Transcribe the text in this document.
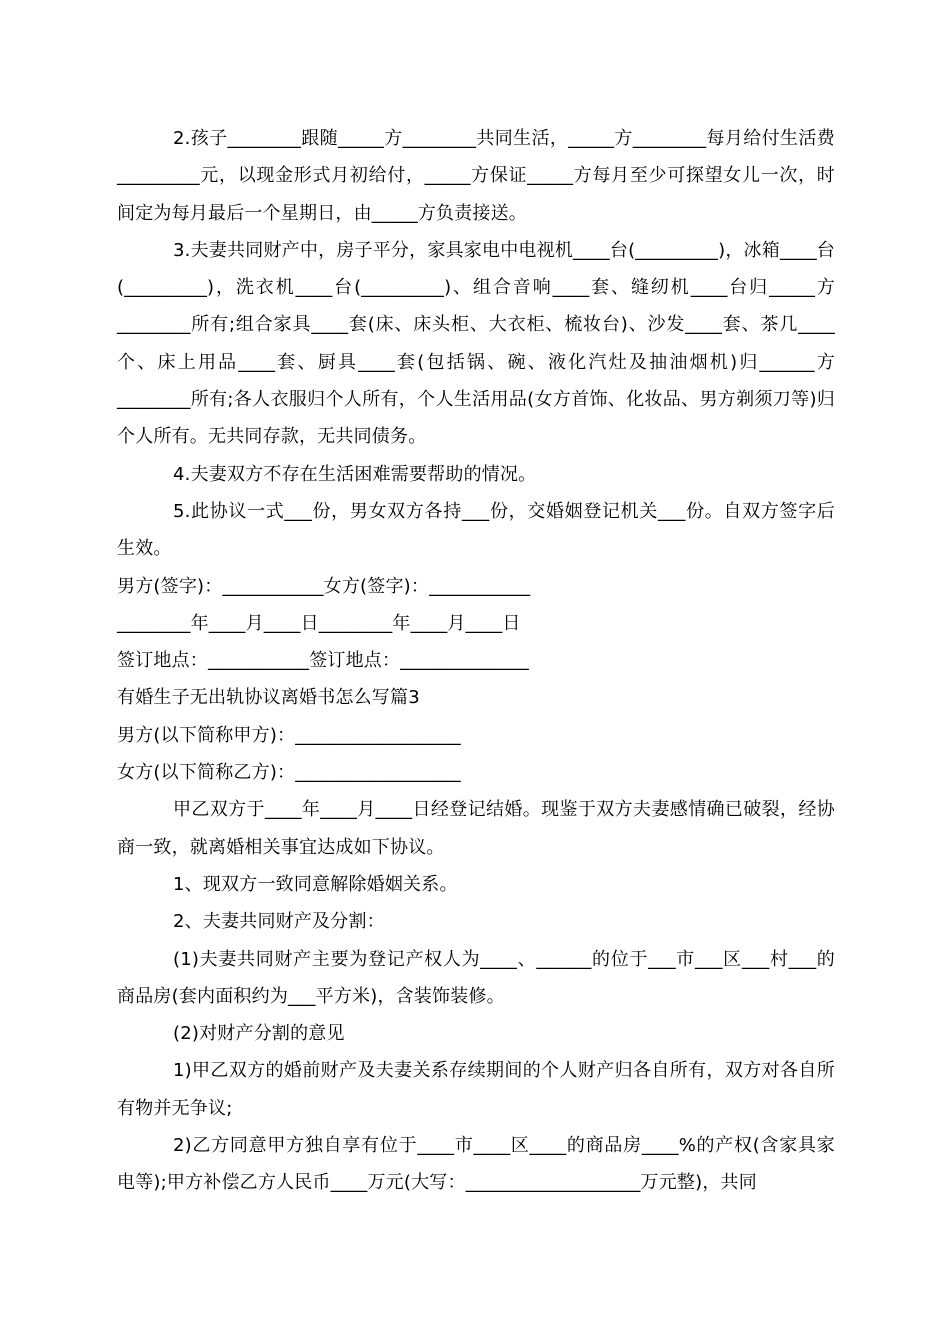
2.孩子________跟随_____方________共同生活，_____方________每月给付生活费_________元，以现金形式月初给付，_____方保证_____方每月至少可探望女儿一次，时间定为每月最后一个星期日，由_____方负责接送。

3.夫妻共同财产中，房子平分，家具家电中电视机____台(_________)，冰箱____台(_________)，洗衣机____台(_________)、组合音响____套、缝纫机____台归_____方________所有;组合家具____套(床、床头柜、大衣柜、梳妆台)、沙发____套、茶几____个、床上用品____套、厨具____套(包括锅、碗、液化汽灶及抽油烟机)归______方________所有;各人衣服归个人所有，个人生活用品(女方首饰、化妆品、男方剃须刀等)归个人所有。无共同存款，无共同债务。

4.夫妻双方不存在生活困难需要帮助的情况。

5.此协议一式___份，男女双方各持___份，交婚姻登记机关___份。自双方签字后生效。

男方(签字)：___________女方(签字)：___________

________年____月____日________年____月____日

签订地点：___________签订地点：______________

有婚生子无出轨协议离婚书怎么写篇3

男方(以下简称甲方)：__________________

女方(以下简称乙方)：__________________

甲乙双方于____年____月____日经登记结婚。现鉴于双方夫妻感情确已破裂，经协商一致，就离婚相关事宜达成如下协议。

1、现双方一致同意解除婚姻关系。

2、夫妻共同财产及分割：

(1)夫妻共同财产主要为登记产权人为____、______的位于___市___区___村___的商品房(套内面积约为___平方米)，含装饰装修。

(2)对财产分割的意见

1)甲乙双方的婚前财产及夫妻关系存续期间的个人财产归各自所有，双方对各自所有物并无争议;

2)乙方同意甲方独自享有位于____市____区____的商品房____%的产权(含家具家电等);甲方补偿乙方人民币____万元(大写：___________________万元整)，共同
